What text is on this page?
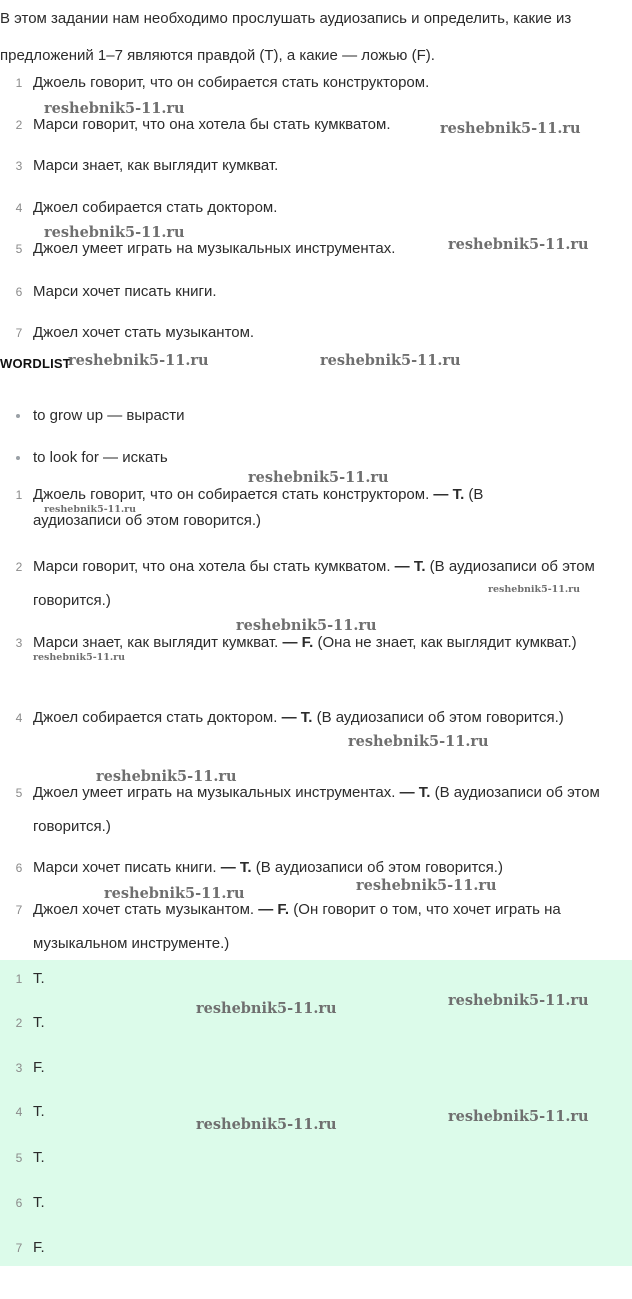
В этом задании нам необходимо прослушать аудиозапись и определить, какие из предложений 1–7 являются правдой (T), а какие — ложью (F).
1 Джоель говорит, что он собирается стать конструктором.
2 Марси говорит, что она хотела бы стать кумкватом.
3 Марси знает, как выглядит кумкват.
4 Джоел собирается стать доктором.
5 Джоел умеет играть на музыкальных инструментах.
6 Марси хочет писать книги.
7 Джоел хочет стать музыкантом.
WORDLIST
to grow up — вырасти
to look for — искать
1 Джоель говорит, что он собирается стать конструктором. — T. (В аудиозаписи об этом говорится.)
2 Марси говорит, что она хотела бы стать кумкватом. — T. (В аудиозаписи об этом говорится.)
3 Марси знает, как выглядит кумкват. — F. (Она не знает, как выглядит кумкват.)
4 Джоел собирается стать доктором. — T. (В аудиозаписи об этом говорится.)
5 Джоел умеет играть на музыкальных инструментах. — T. (В аудиозаписи об этом говорится.)
6 Марси хочет писать книги. — T. (В аудиозаписи об этом говорится.)
7 Джоел хочет стать музыкантом. — F. (Он говорит о том, что хочет играть на музыкальном инструменте.)
1 T.
2 T.
3 F.
4 T.
5 T.
6 T.
7 F.
reshebnik5-11.ru
reshebnik5-11.ru
reshebnik5-11.ru
reshebnik5-11.ru
reshebnik5-11.ru	reshebnik5-11.ru
reshebnik5-11.ru
reshebnik5-11.ru
reshebnik5-11.ru
reshebnik5-11.ru
reshebnik5-11.ru
reshebnik5-11.ru
reshebnik5-11.ru
reshebnik5-11.ru
reshebnik5-11.ru
reshebnik5-11.ru
reshebnik5-11.ru
reshebnik5-11.ru
reshebnik5-11.ru
